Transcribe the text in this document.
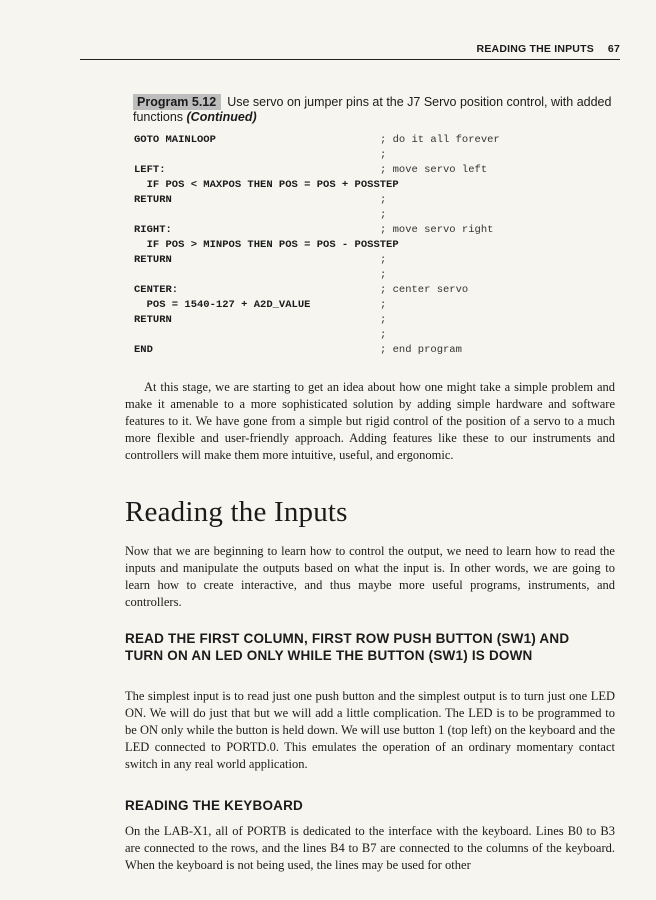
READING THE INPUTS 67
Program 5.12 Use servo on jumper pins at the J7 Servo position control, with added functions (Continued)
GOTO MAINLOOP	; do it all forever
;
LEFT:	; move servo left
IF POS < MAXPOS THEN POS = POS + POSSTEP
RETURN	;
;
RIGHT:	; move servo right
IF POS > MINPOS THEN POS = POS - POSSTEP
RETURN	;
;
CENTER:	; center servo
POS = 1540-127 + A2D_VALUE	;
RETURN	;
;
END	; end program

At this stage, we are starting to get an idea about how one might take a simple problem and make it amenable to a more sophisticated solution by adding simple hardware and software features to it. We have gone from a simple but rigid control of the position of a servo to a much more flexible and user-friendly approach. Adding features like these to our instruments and controllers will make them more intuitive, useful, and ergonomic.

Reading the Inputs

Now that we are beginning to learn how to control the output, we need to learn how to read the inputs and manipulate the outputs based on what the input is. In other words, we are going to learn how to create interactive, and thus maybe more useful programs, instruments, and controllers.

READ THE FIRST COLUMN, FIRST ROW PUSH BUTTON (SW1) AND TURN ON AN LED ONLY WHILE THE BUTTON (SW1) IS DOWN

The simplest input is to read just one push button and the simplest output is to turn just one LED ON. We will do just that but we will add a little complication. The LED is to be programmed to be ON only while the button is held down. We will use button 1 (top left) on the keyboard and the LED connected to PORTD.0. This emulates the operation of an ordinary momentary contact switch in any real world application.

READING THE KEYBOARD

On the LAB-X1, all of PORTB is dedicated to the interface with the keyboard. Lines B0 to B3 are connected to the rows, and the lines B4 to B7 are connected to the columns of the keyboard. When the keyboard is not being used, the lines may be used for other
